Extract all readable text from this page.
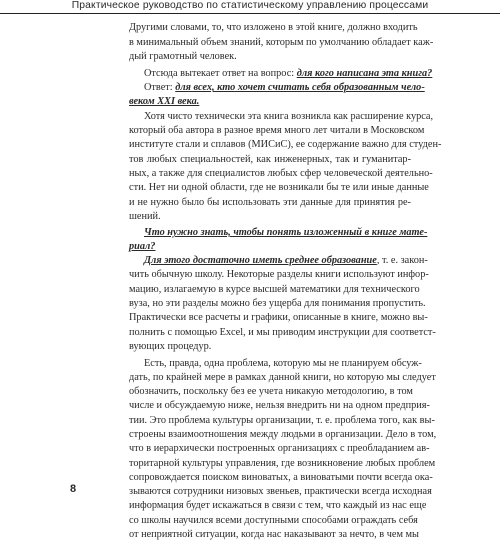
Практическое руководство по статистическому управлению процессами
Другими словами, то, что изложено в этой книге, должно входить
в минимальный объем знаний, которым по умолчанию обладает каж-
дый грамотный человек.
Отсюда вытекает ответ на вопрос: для кого написана эта книга?
Ответ: для всех, кто хочет считать себя образованным чело-
веком XXI века.
Хотя чисто технически эта книга возникла как расширение курса,
который оба автора в разное время много лет читали в Московском
институте стали и сплавов (МИСиС), ее содержание важно для студен-
тов любых специальностей, как инженерных, так и гуманитар-
ных, а также для специалистов любых сфер человеческой деятельно-
сти. Нет ни одной области, где не возникали бы те или иные данные
и не нужно было бы использовать эти данные для принятия ре-
шений.
Что нужно знать, чтобы понять изложенный в книге мате-
риал?
Для этого достаточно иметь среднее образование, т. е. закон-
чить обычную школу. Некоторые разделы книги используют инфор-
мацию, излагаемую в курсе высшей математики для технического
вуза, но эти разделы можно без ущерба для понимания пропустить.
Практически все расчеты и графики, описанные в книге, можно вы-
полнить с помощью Excel, и мы приводим инструкции для соответст-
вующих процедур.
Есть, правда, одна проблема, которую мы не планируем обсуж-
дать, по крайней мере в рамках данной книги, но которую мы следует
обозначить, поскольку без ее учета никакую методологию, в том
числе и обсуждаемую ниже, нельзя внедрить ни на одном предприя-
тии. Это проблема культуры организации, т. е. проблема того, как вы-
строены взаимоотношения между людьми в организации. Дело в том,
что в иерархически построенных организациях с преобладанием ав-
торитарной культуры управления, где возникновение любых проблем
сопровождается поиском виноватых, а виноватыми почти всегда ока-
зываются сотрудники низовых звеньев, практически всегда исходная
информация будет искажаться в связи с тем, что каждый из нас еще
со школы научился всеми доступными способами ограждать себя
от неприятной ситуации, когда нас наказывают за нечто, в чем мы
8
